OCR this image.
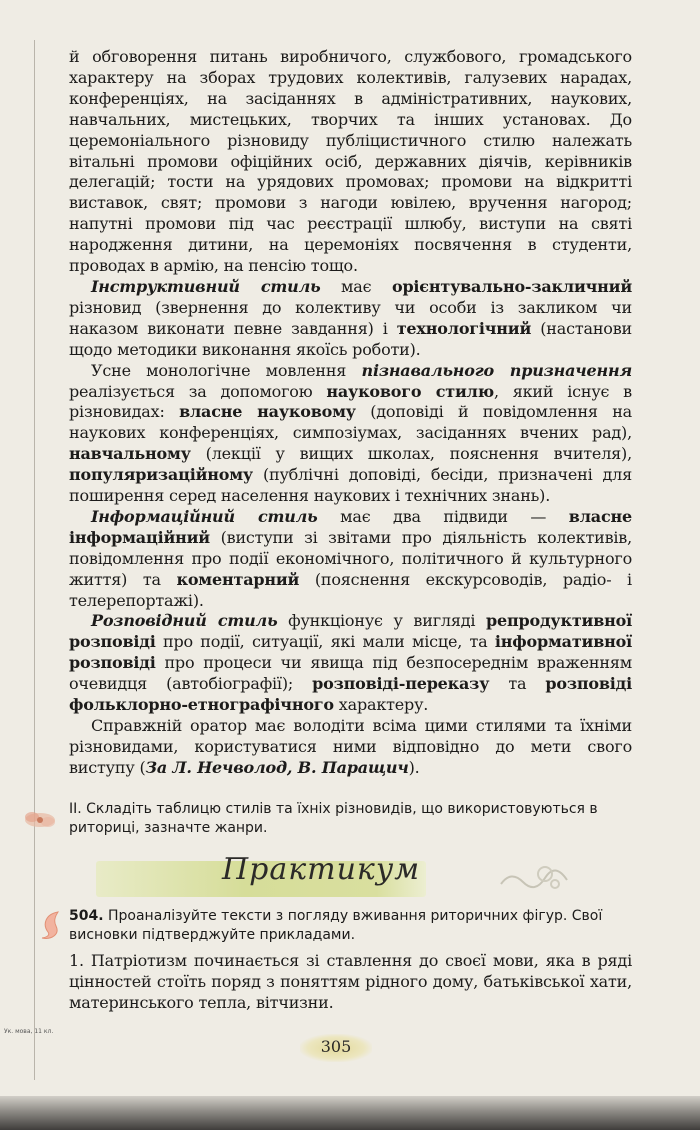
й обговорення питань виробничого, службового, громадського характеру на зборах трудових колективів, галузевих нарадах, конференціях, на засіданнях в адміністративних, наукових, навчальних, мистецьких, творчих та інших установах. До церемоніального різновиду публіцистичного стилю належать вітальні промови офіційних осіб, державних діячів, керівників делегацій; тости на урядових промовах; промови на відкритті виставок, свят; промови з нагоди ювілею, вручення нагород; напутні промови під час реєстрації шлюбу, виступи на святі народження дитини, на церемоніях посвячення в студенти, проводах в армію, на пенсію тощо.

Інструктивний стиль має орієнтувально-закличний різновид (звернення до колективу чи особи із закликом чи наказом виконати певне завдання) і технологічний (настанови щодо методики виконання якоїсь роботи).

Усне монологічне мовлення пізнавального призначення реалізується за допомогою наукового стилю, який існує в різновидах: власне науковому (доповіді й повідомлення на наукових конференціях, симпозіумах, засіданнях вчених рад), навчальному (лекції у вищих школах, пояснення вчителя), популяризаційному (публічні доповіді, бесіди, призначені для поширення серед населення наукових і технічних знань).

Інформаційний стиль має два підвиди — власне інформаційний (виступи зі звітами про діяльність колективів, повідомлення про події економічного, політичного й культурного життя) та коментарний (пояснення екскурсоводів, радіо- і телерепортажі).

Розповідний стиль функціонує у вигляді репродуктивної розповіді про події, ситуації, які мали місце, та інформативної розповіді про процеси чи явища під безпосереднім враженням очевидця (автобіографії); розповіді-переказу та розповіді фольклорно-етнографічного характеру.

Справжній оратор має володіти всіма цими стилями та їхніми різновидами, користуватися ними відповідно до мети свого виступу (За Л. Нечволод, В. Паращич).

II. Складіть таблицю стилів та їхніх різновидів, що використовуються в риториці, зазначте жанри.
Практикум
504. Проаналізуйте тексти з погляду вживання риторичних фігур. Свої висновки підтверджуйте прикладами.

1. Патріотизм починається зі ставлення до своєї мови, яка в ряді цінностей стоїть поряд з поняттям рідного дому, батьківської хати, материнського тепла, вітчизни.

Ук. мова, 11 кл.
305
